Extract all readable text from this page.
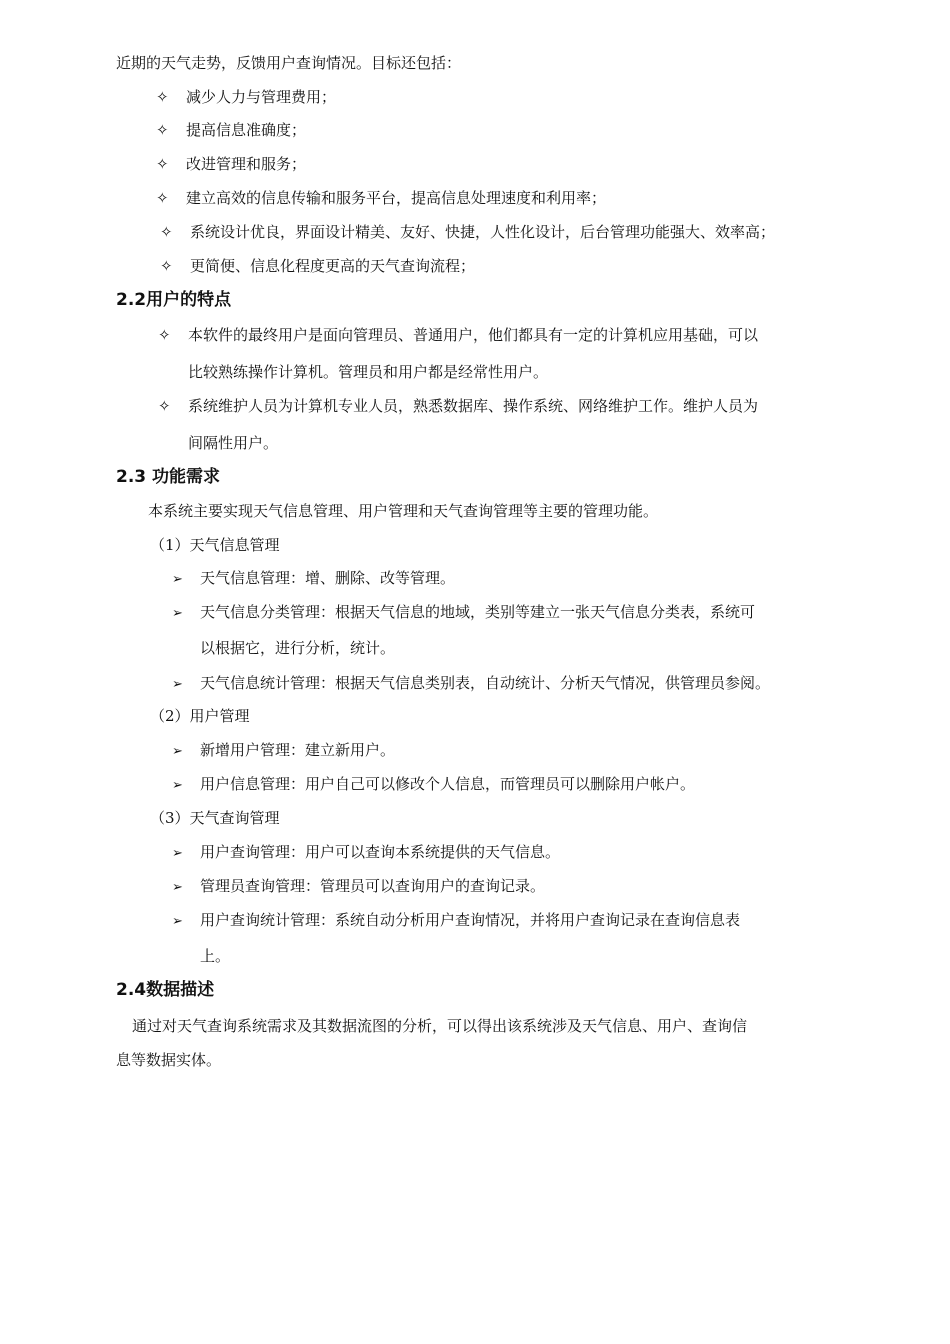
近期的天气走势，反馈用户查询情况。目标还包括：
✧ 减少人力与管理费用；
✧ 提高信息准确度；
✧ 改进管理和服务；
✧ 建立高效的信息传输和服务平台，提高信息处理速度和利用率；
✧ 系统设计优良，界面设计精美、友好、快捷，人性化设计，后台管理功能强大、效率高；
✧ 更简便、信息化程度更高的天气查询流程；
2.2用户的特点
✧ 本软件的最终用户是面向管理员、普通用户，他们都具有一定的计算机应用基础，可以
比较熟练操作计算机。管理员和用户都是经常性用户。
✧ 系统维护人员为计算机专业人员，熟悉数据库、操作系统、网络维护工作。维护人员为
间隔性用户。
2.3 功能需求
本系统主要实现天气信息管理、用户管理和天气查询管理等主要的管理功能。
（1）天气信息管理
➢ 天气信息管理：增、删除、改等管理。
➢ 天气信息分类管理：根据天气信息的地域，类别等建立一张天气信息分类表，系统可
以根据它，进行分析，统计。
➢ 天气信息统计管理：根据天气信息类别表，自动统计、分析天气情况，供管理员参阅。
（2）用户管理
➢ 新增用户管理：建立新用户。
➢ 用户信息管理：用户自己可以修改个人信息，而管理员可以删除用户帐户。
（3）天气查询管理
➢ 用户查询管理：用户可以查询本系统提供的天气信息。
➢ 管理员查询管理：管理员可以查询用户的查询记录。
➢ 用户查询统计管理：系统自动分析用户查询情况，并将用户查询记录在查询信息表
上。
2.4数据描述
通过对天气查询系统需求及其数据流图的分析，可以得出该系统涉及天气信息、用户、查询信
息等数据实体。
